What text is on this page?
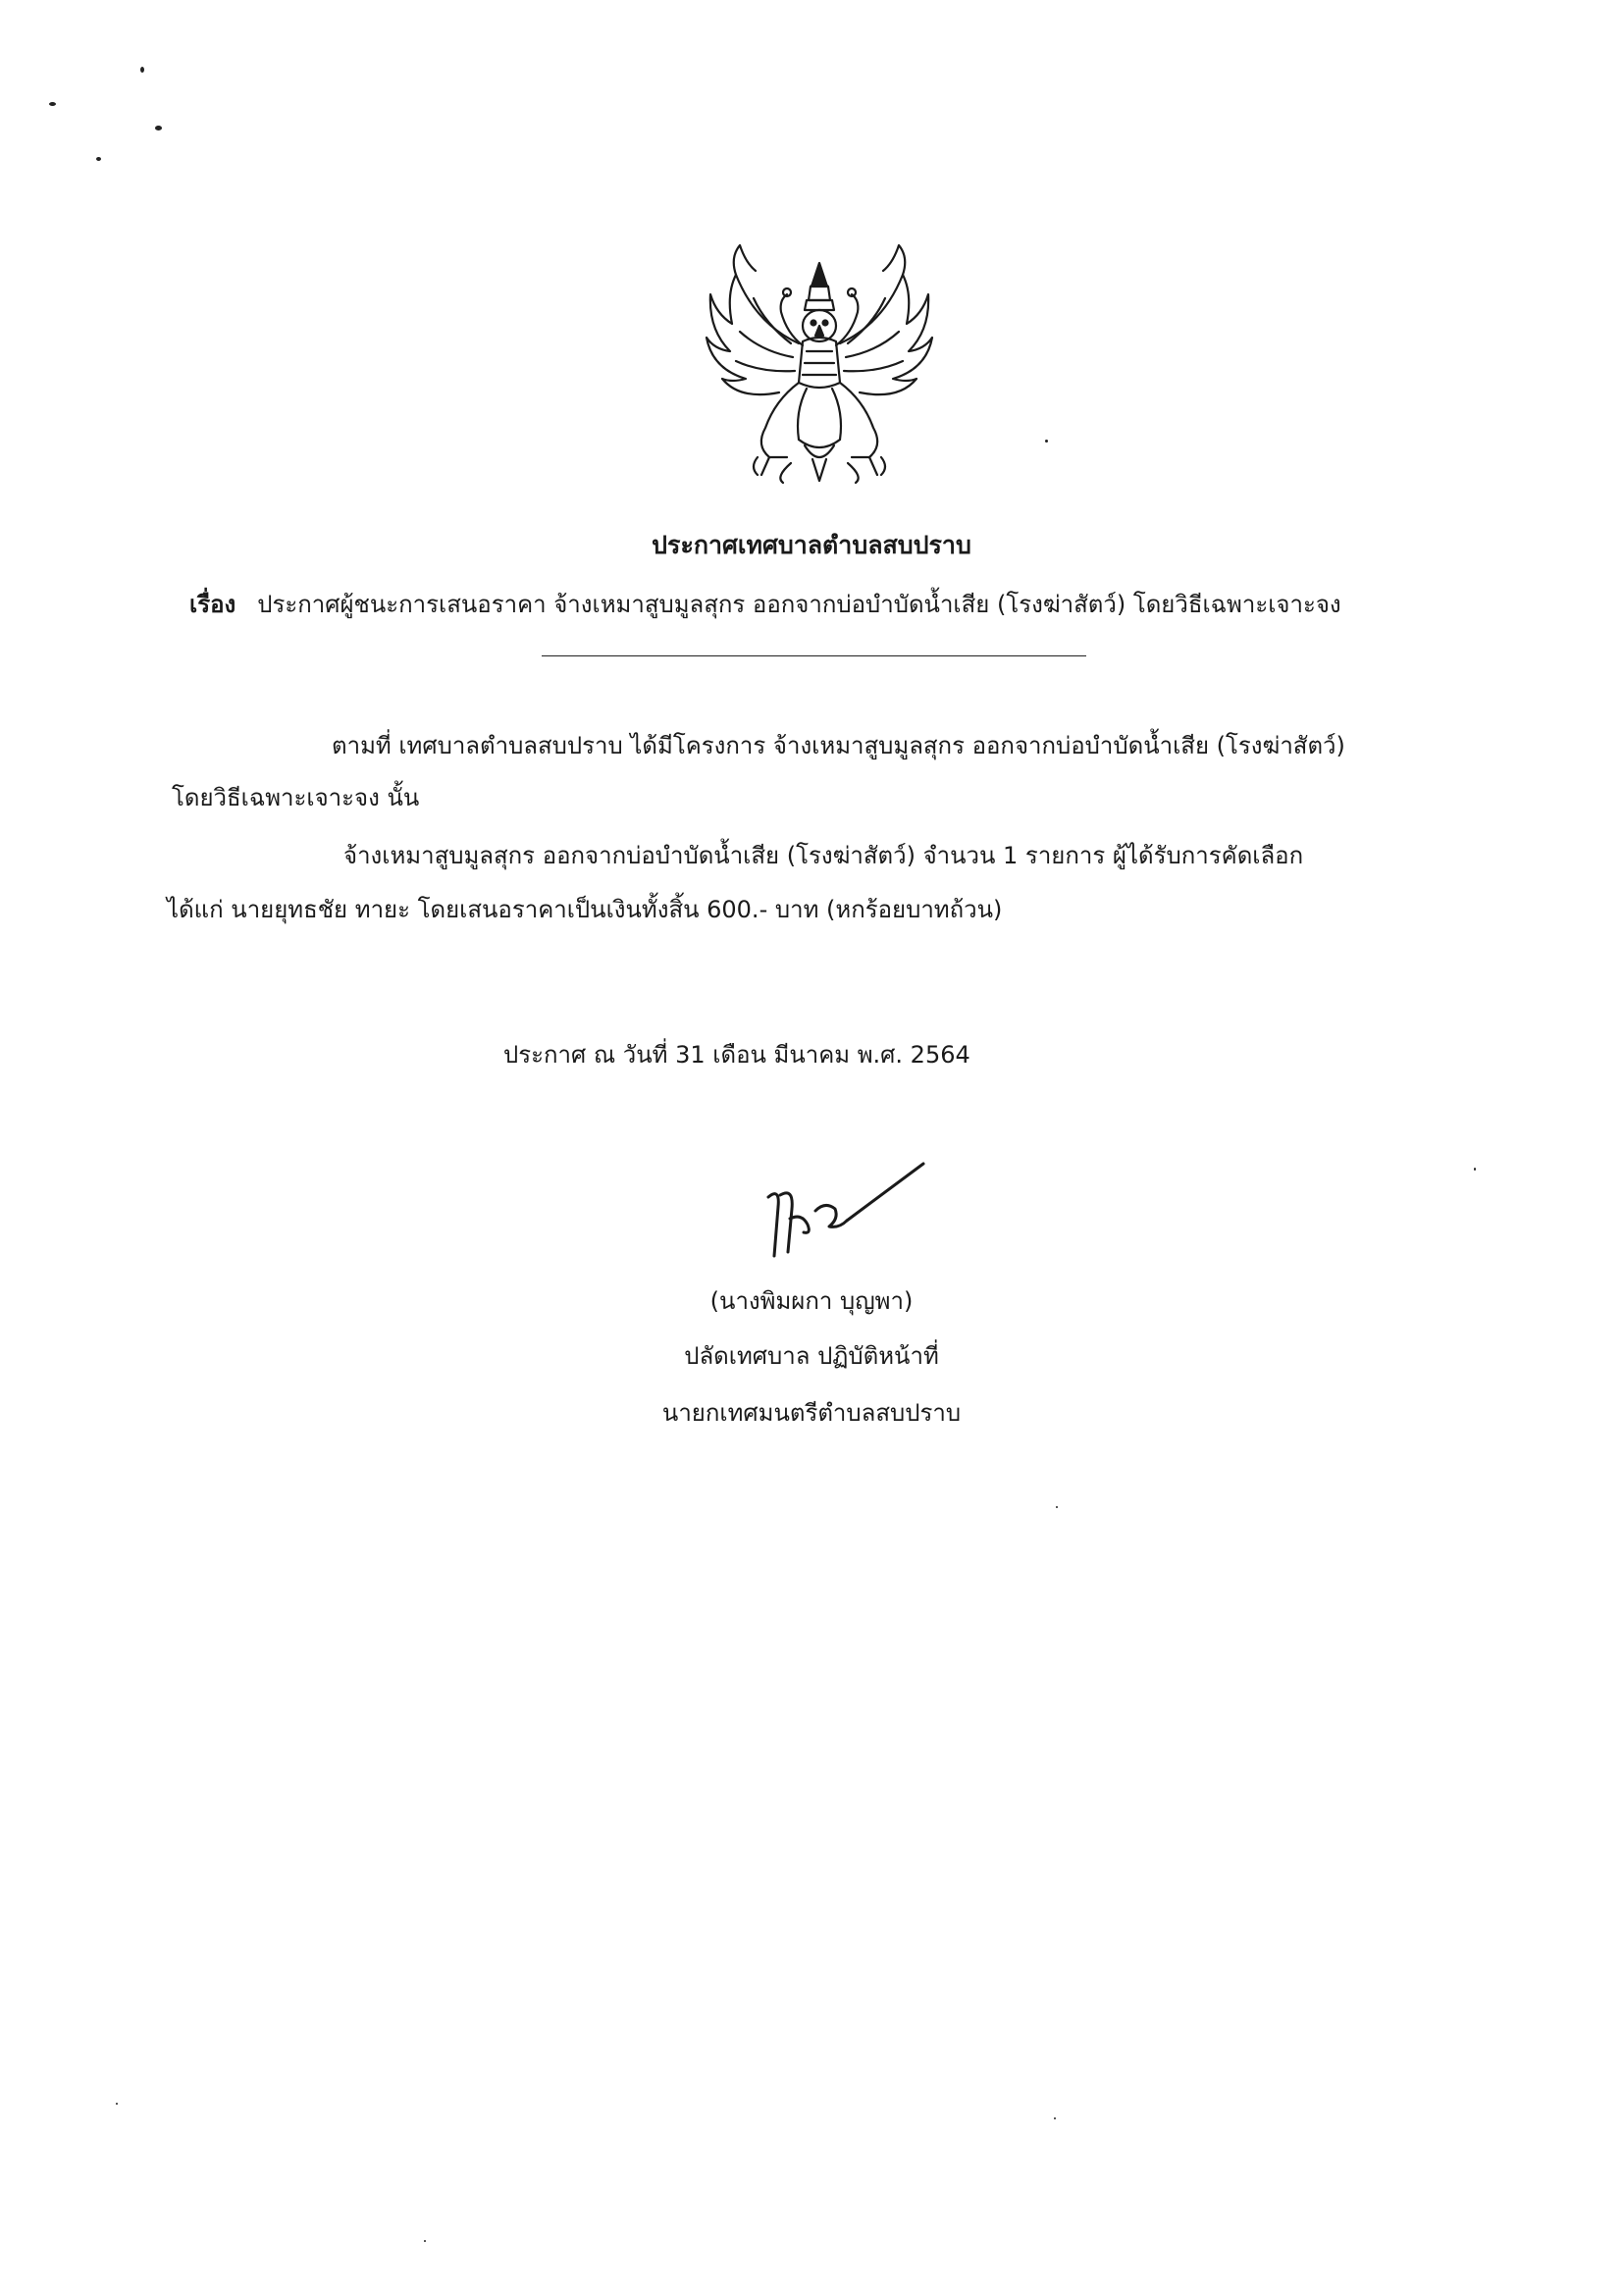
ประกาศเทศบาลตำบลสบปราบ
เรื่อง ประกาศผู้ชนะการเสนอราคา จ้างเหมาสูบมูลสุกร ออกจากบ่อบำบัดน้ำเสีย (โรงฆ่าสัตว์) โดยวิธีเฉพาะเจาะจง
ตามที่ เทศบาลตำบลสบปราบ ได้มีโครงการ จ้างเหมาสูบมูลสุกร ออกจากบ่อบำบัดน้ำเสีย (โรงฆ่าสัตว์)
โดยวิธีเฉพาะเจาะจง นั้น
จ้างเหมาสูบมูลสุกร ออกจากบ่อบำบัดน้ำเสีย (โรงฆ่าสัตว์) จำนวน 1 รายการ ผู้ได้รับการคัดเลือก
ได้แก่ นายยุทธชัย ทายะ โดยเสนอราคาเป็นเงินทั้งสิ้น 600.- บาท (หกร้อยบาทถ้วน)
ประกาศ ณ วันที่ 31 เดือน มีนาคม พ.ศ. 2564
(นางพิมผกา บุญพา)
ปลัดเทศบาล ปฏิบัติหน้าที่
นายกเทศมนตรีตำบลสบปราบ
